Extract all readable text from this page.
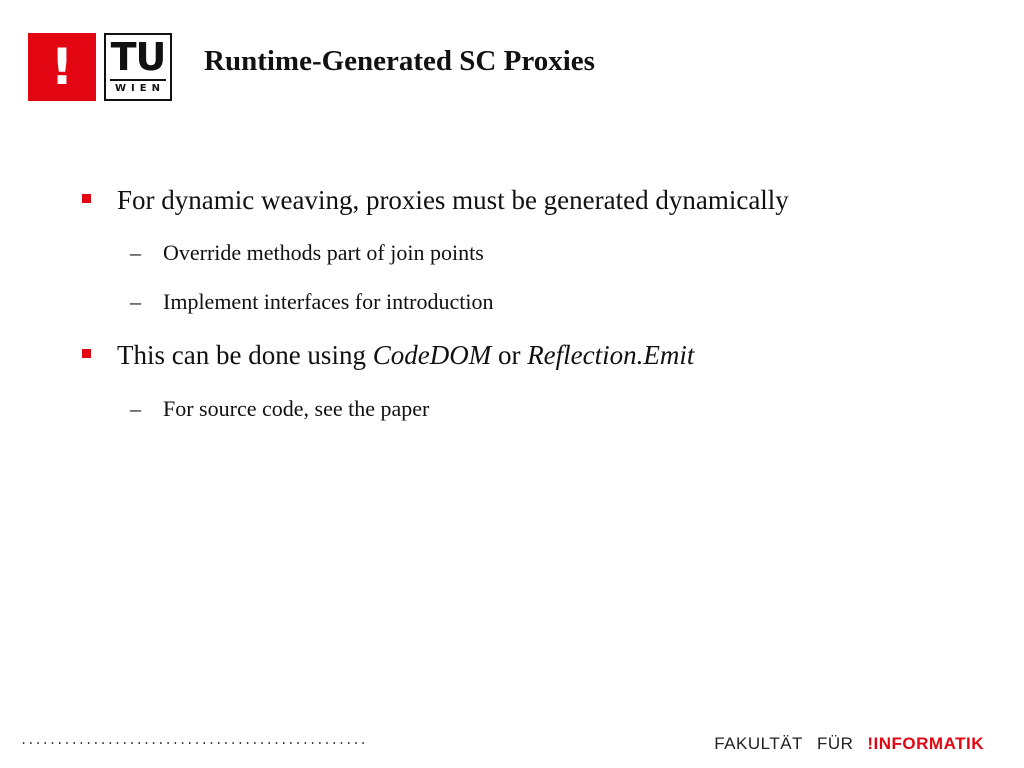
! TU
WIEN
Runtime-Generated SC Proxies
For dynamic weaving, proxies must be generated dynamically
– Override methods part of join points
– Implement interfaces for introduction
This can be done using CodeDOM or Reflection.Emit
– For source code, see the paper
................................................	FAKULTÄT FÜR !INFORMATIK
